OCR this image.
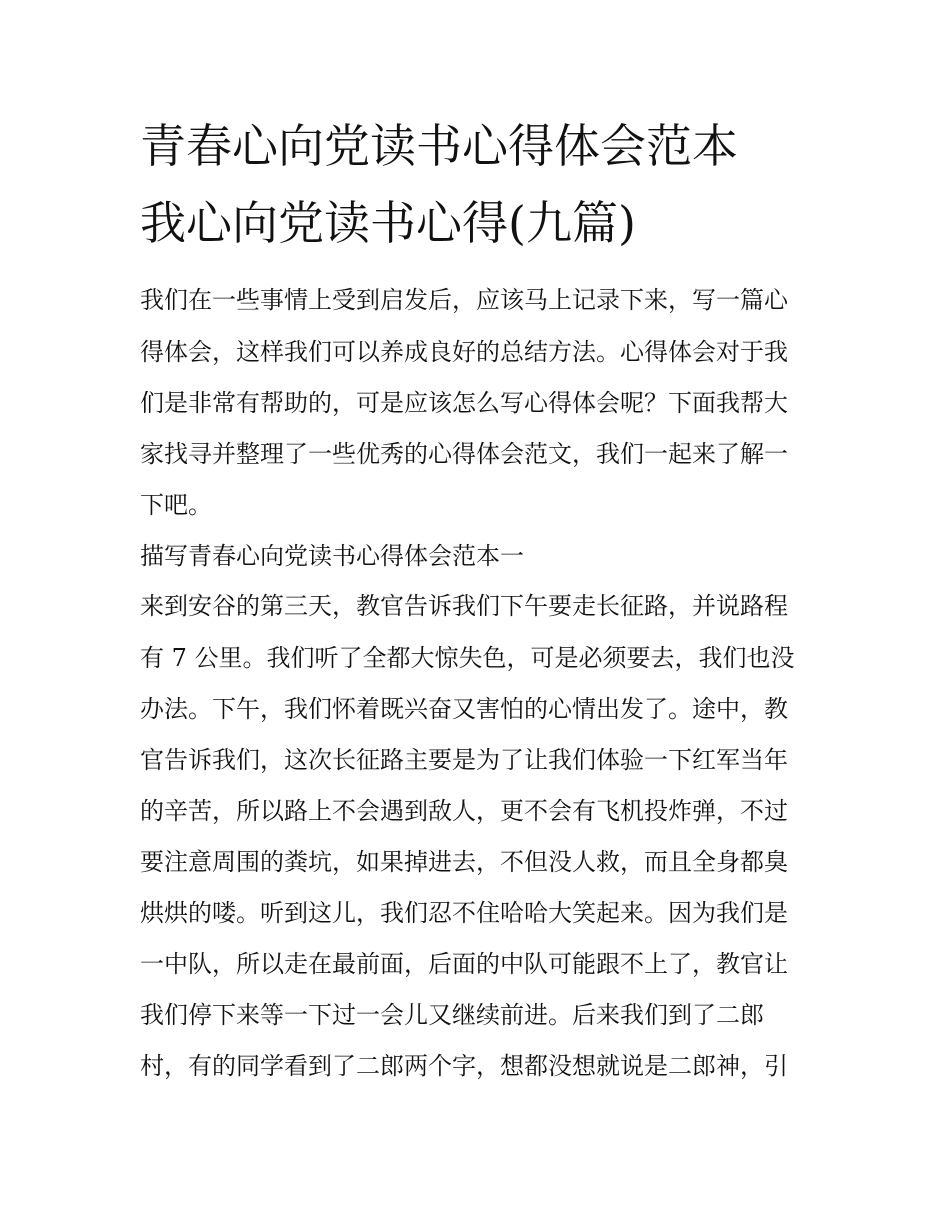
青春心向党读书心得体会范本
我心向党读书心得(九篇)
我们在一些事情上受到启发后，应该马上记录下来，写一篇心
得体会，这样我们可以养成良好的总结方法。心得体会对于我
们是非常有帮助的，可是应该怎么写心得体会呢？下面我帮大
家找寻并整理了一些优秀的心得体会范文，我们一起来了解一
下吧。
描写青春心向党读书心得体会范本一
来到安谷的第三天，教官告诉我们下午要走长征路，并说路程
有 7 公里。我们听了全都大惊失色，可是必须要去，我们也没
办法。下午，我们怀着既兴奋又害怕的心情出发了。途中，教
官告诉我们，这次长征路主要是为了让我们体验一下红军当年
的辛苦，所以路上不会遇到敌人，更不会有飞机投炸弹，不过
要注意周围的粪坑，如果掉进去，不但没人救，而且全身都臭
烘烘的喽。听到这儿，我们忍不住哈哈大笑起来。因为我们是
一中队，所以走在最前面，后面的中队可能跟不上了，教官让
我们停下来等一下过一会儿又继续前进。后来我们到了二郎
村，有的同学看到了二郎两个字，想都没想就说是二郎神，引
